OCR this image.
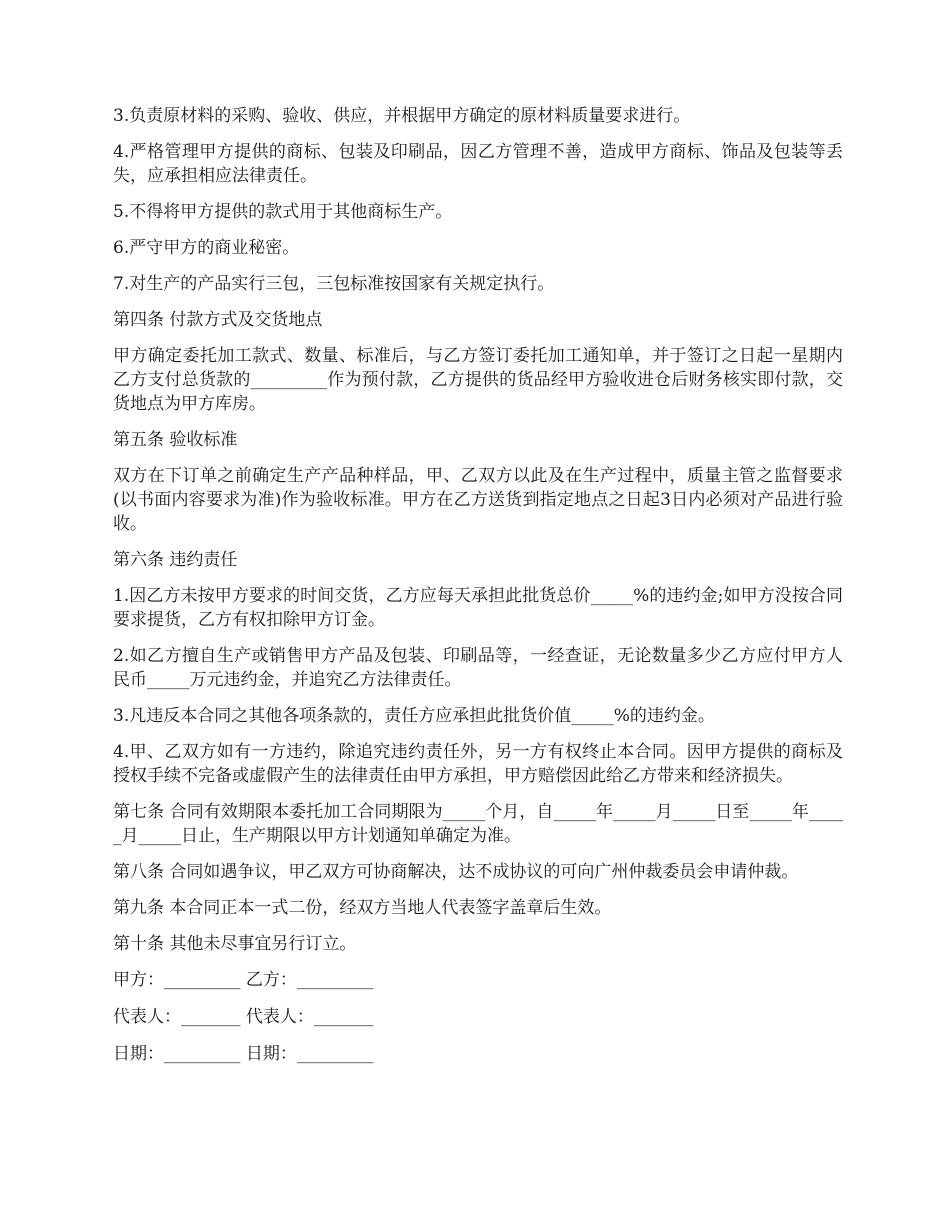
3.负责原材料的采购、验收、供应，并根据甲方确定的原材料质量要求进行。

4.严格管理甲方提供的商标、包装及印刷品，因乙方管理不善，造成甲方商标、饰品及包装等丢失，应承担相应法律责任。

5.不得将甲方提供的款式用于其他商标生产。

6.严守甲方的商业秘密。

7.对生产的产品实行三包，三包标准按国家有关规定执行。

第四条 付款方式及交货地点

甲方确定委托加工款式、数量、标准后，与乙方签订委托加工通知单，并于签订之日起一星期内乙方支付总货款的_________作为预付款，乙方提供的货品经甲方验收进仓后财务核实即付款，交货地点为甲方库房。

第五条 验收标准

双方在下订单之前确定生产产品种样品，甲、乙双方以此及在生产过程中，质量主管之监督要求(以书面内容要求为准)作为验收标准。甲方在乙方送货到指定地点之日起3日内必须对产品进行验收。

第六条 违约责任

1.因乙方未按甲方要求的时间交货，乙方应每天承担此批货总价_____%的违约金;如甲方没按合同要求提货，乙方有权扣除甲方订金。

2.如乙方擅自生产或销售甲方产品及包装、印刷品等，一经查证，无论数量多少乙方应付甲方人民币_____万元违约金，并追究乙方法律责任。

3.凡违反本合同之其他各项条款的，责任方应承担此批货价值_____%的违约金。

4.甲、乙双方如有一方违约，除追究违约责任外，另一方有权终止本合同。因甲方提供的商标及授权手续不完备或虚假产生的法律责任由甲方承担，甲方赔偿因此给乙方带来和经济损失。

第七条 合同有效期限本委托加工合同期限为_____个月，自_____年_____月_____日至_____年_____月_____日止，生产期限以甲方计划通知单确定为准。

第八条 合同如遇争议，甲乙双方可协商解决，达不成协议的可向广州仲裁委员会申请仲裁。

第九条 本合同正本一式二份，经双方当地人代表签字盖章后生效。

第十条 其他未尽事宜另行订立。

甲方：_________ 乙方：_________

代表人：_______ 代表人：_______

日期：_________ 日期：_________
